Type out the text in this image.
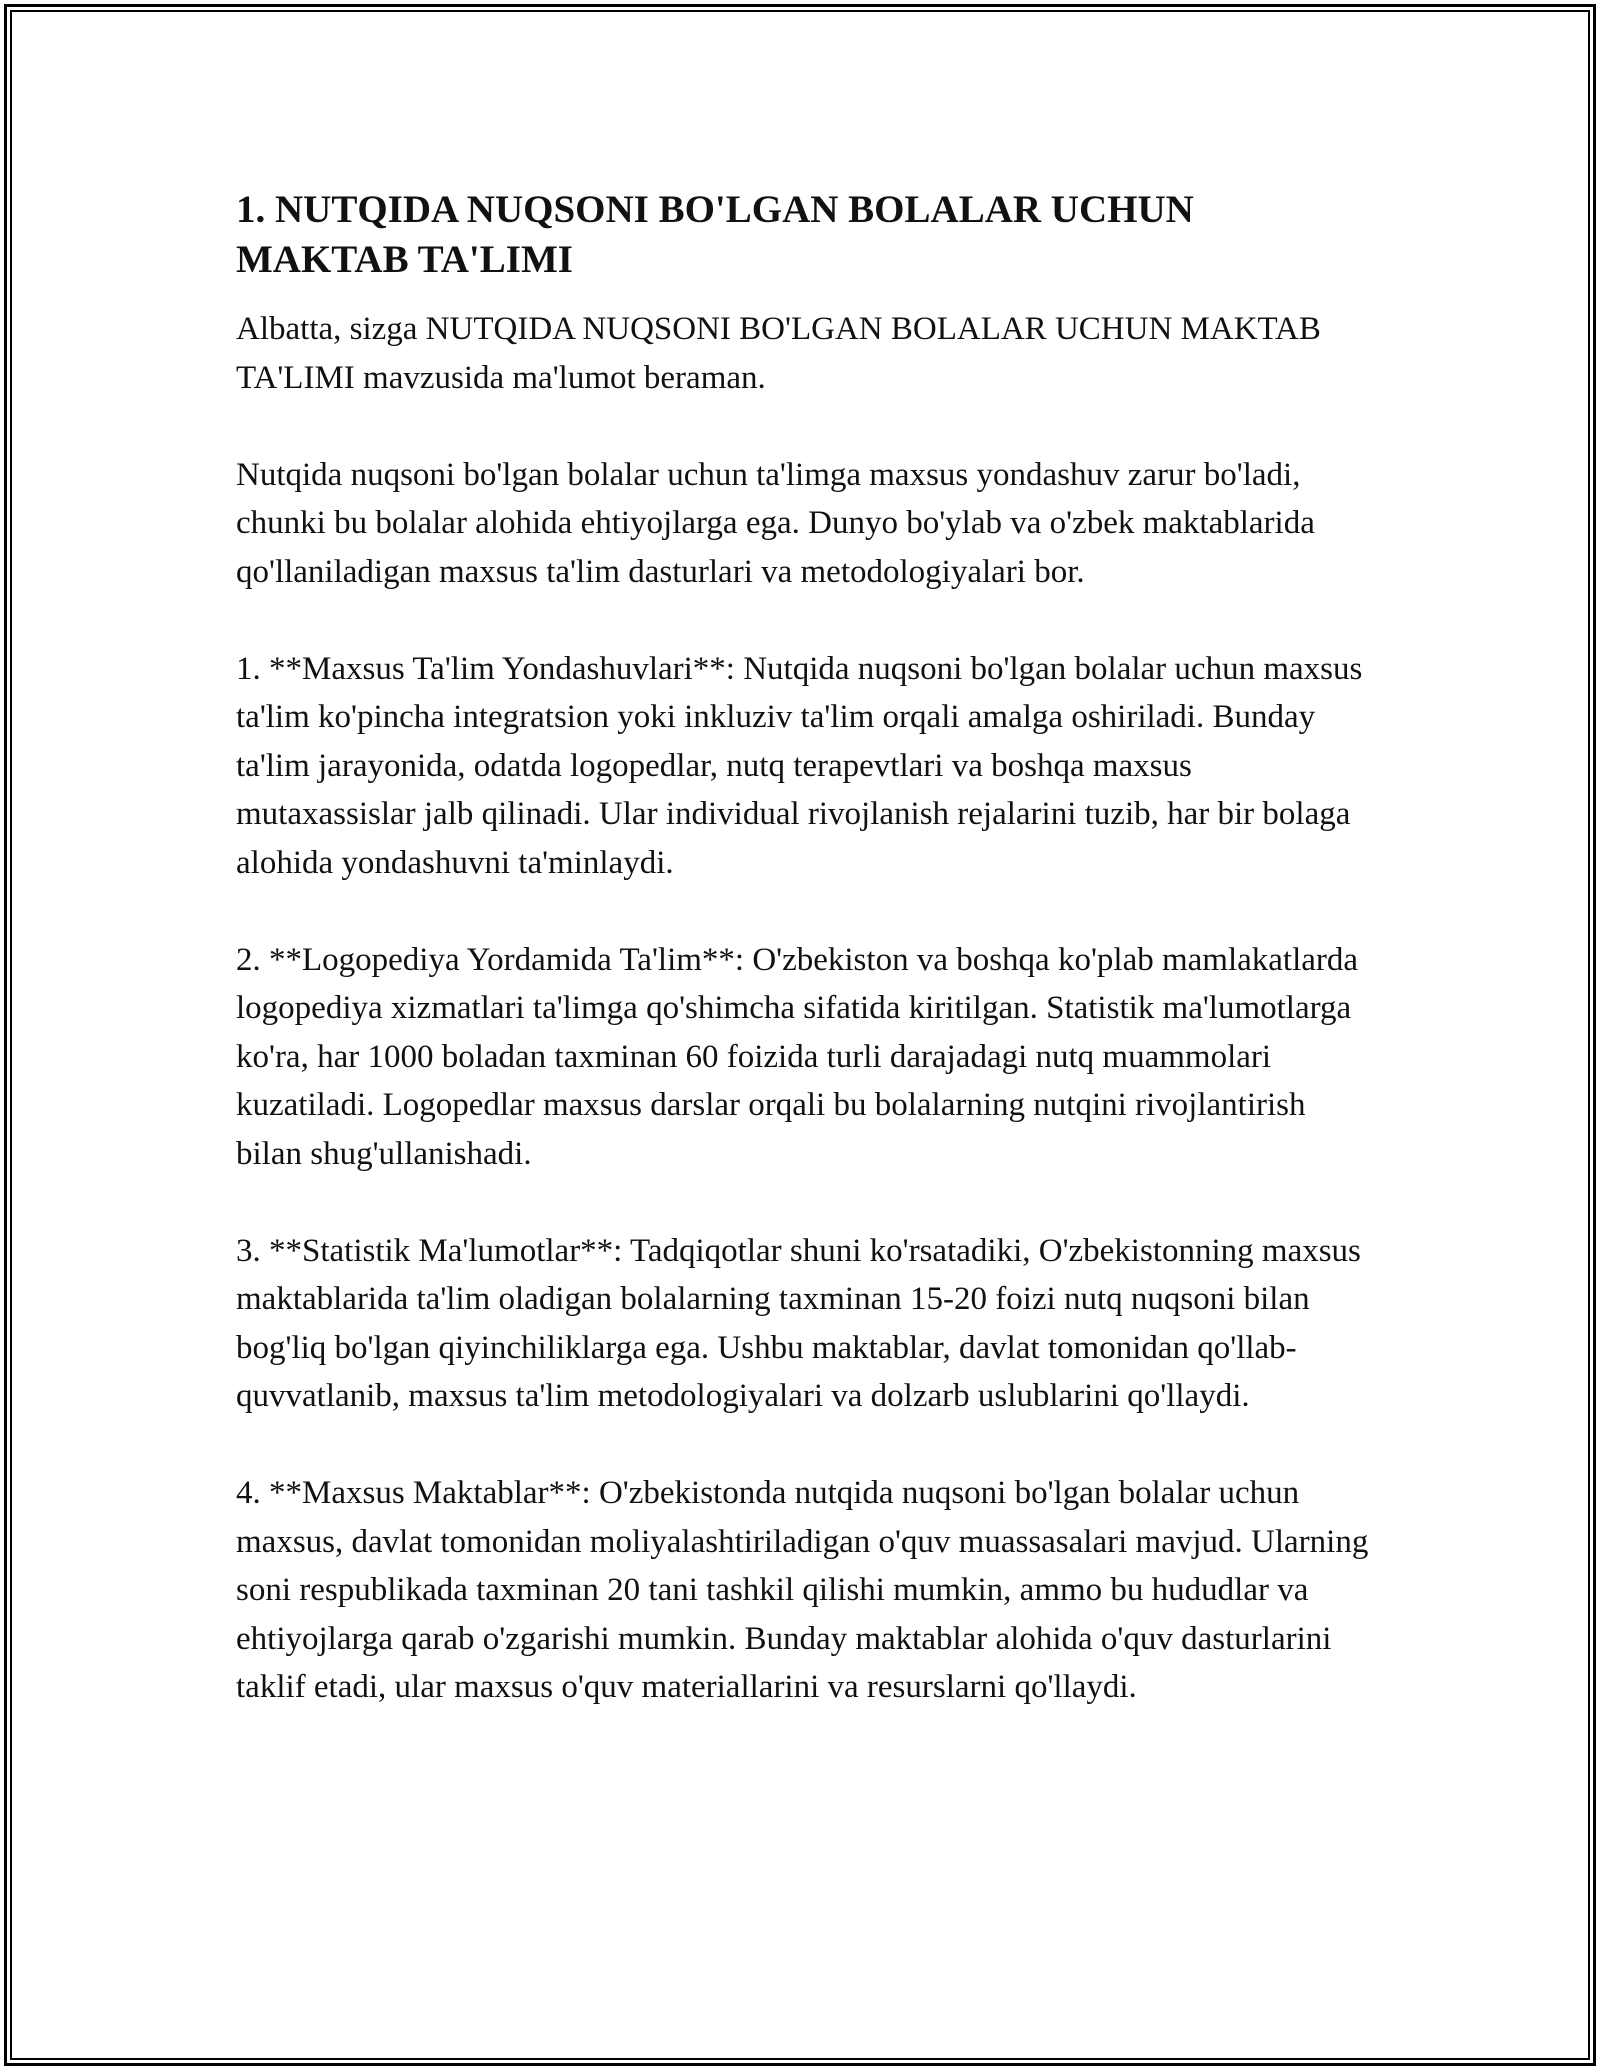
1. NUTQIDA NUQSONI BO'LGAN BOLALAR UCHUN MAKTAB TA'LIMI

Albatta, sizga NUTQIDA NUQSONI BO'LGAN BOLALAR UCHUN MAKTAB TA'LIMI mavzusida ma'lumot beraman.

Nutqida nuqsoni bo'lgan bolalar uchun ta'limga maxsus yondashuv zarur bo'ladi, chunki bu bolalar alohida ehtiyojlarga ega. Dunyo bo'ylab va o'zbek maktablarida qo'llaniladigan maxsus ta'lim dasturlari va metodologiyalari bor.

1. **Maxsus Ta'lim Yondashuvlari**: Nutqida nuqsoni bo'lgan bolalar uchun maxsus ta'lim ko'pincha integratsion yoki inkluziv ta'lim orqali amalga oshiriladi. Bunday ta'lim jarayonida, odatda logopedlar, nutq terapevtlari va boshqa maxsus mutaxassislar jalb qilinadi. Ular individual rivojlanish rejalarini tuzib, har bir bolaga alohida yondashuvni ta'minlaydi.

2. **Logopediya Yordamida Ta'lim**: O'zbekiston va boshqa ko'plab mamlakatlarda logopediya xizmatlari ta'limga qo'shimcha sifatida kiritilgan. Statistik ma'lumotlarga ko'ra, har 1000 boladan taxminan 60 foizida turli darajadagi nutq muammolari kuzatiladi. Logopedlar maxsus darslar orqali bu bolalarning nutqini rivojlantirish bilan shug'ullanishadi.

3. **Statistik Ma'lumotlar**: Tadqiqotlar shuni ko'rsatadiki, O'zbekistonning maxsus maktablarida ta'lim oladigan bolalarning taxminan 15-20 foizi nutq nuqsoni bilan bog'liq bo'lgan qiyinchiliklarga ega. Ushbu maktablar, davlat tomonidan qo'llab-quvvatlanib, maxsus ta'lim metodologiyalari va dolzarb uslublarini qo'llaydi.

4. **Maxsus Maktablar**: O'zbekistonda nutqida nuqsoni bo'lgan bolalar uchun maxsus, davlat tomonidan moliyalashtiriladigan o'quv muassasalari mavjud. Ularning soni respublikada taxminan 20 tani tashkil qilishi mumkin, ammo bu hududlar va ehtiyojlarga qarab o'zgarishi mumkin. Bunday maktablar alohida o'quv dasturlarini taklif etadi, ular maxsus o'quv materiallarini va resurslarni qo'llaydi.
